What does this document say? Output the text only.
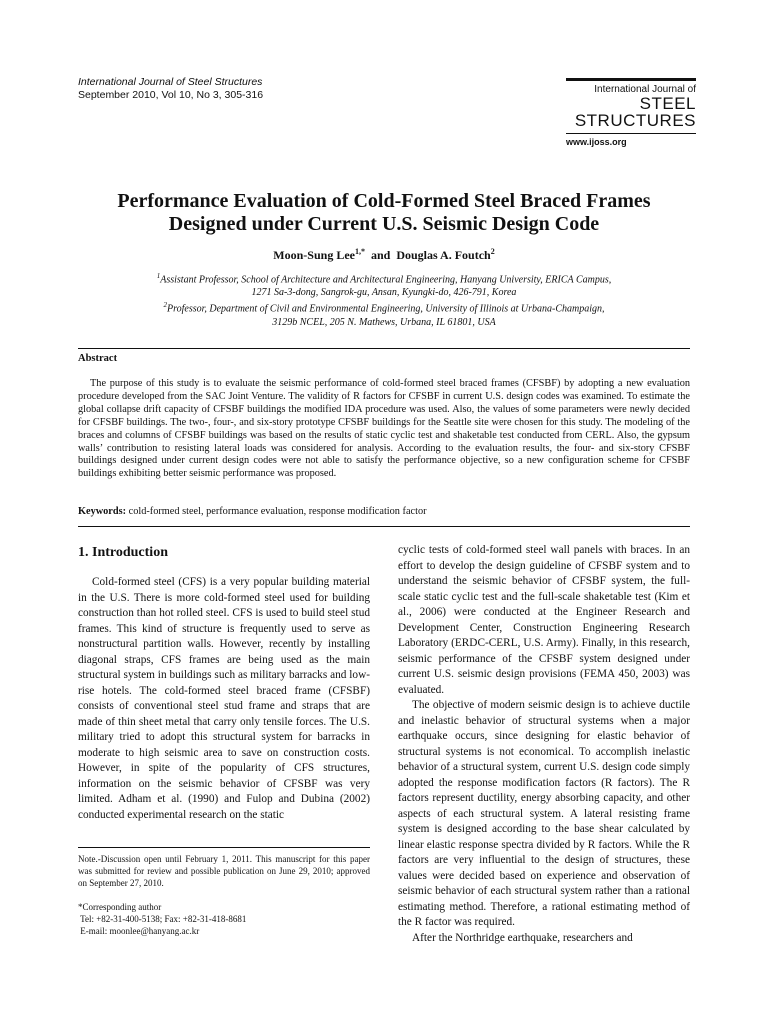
International Journal of Steel Structures
September 2010, Vol 10, No 3, 305-316	International Journal of
STEEL
STRUCTURES
www.ijoss.org
Performance Evaluation of Cold-Formed Steel Braced Frames
Designed under Current U.S. Seismic Design Code
Moon-Sung Lee$^{1,*}$ and Douglas A. Foutch$^2$
$^1$Assistant Professor, School of Architecture and Architectural Engineering, Hanyang University, ERICA Campus,
1271 Sa-3-dong, Sangrok-gu, Ansan, Kyungki-do, 426-791, Korea
$^2$Professor, Department of Civil and Environmental Engineering, University of Illinois at Urbana-Champaign,
3129b NCEL, 205 N. Mathews, Urbana, IL 61801, USA
Abstract
The purpose of this study is to evaluate the seismic performance of cold-formed steel braced frames (CFSBF) by adopting a new evaluation procedure developed from the SAC Joint Venture. The validity of R factors for CFSBF in current U.S. design codes was examined. To estimate the global collapse drift capacity of CFSBF buildings the modified IDA procedure was used. Also, the values of some parameters were newly decided for CFSBF buildings. The two-, four-, and six-story prototype CFSBF buildings for the Seattle site were chosen for this study. The modeling of the braces and columns of CFSBF buildings was based on the results of static cyclic test and shaketable test conducted from CERL. Also, the gypsum walls’ contribution to resisting lateral loads was considered for analysis. According to the evaluation results, the four- and six-story CFSBF buildings designed under current design codes were not able to satisfy the performance objective, so a new configuration scheme for CFSBF buildings exhibiting better seismic performance was proposed.
Keywords: cold-formed steel, performance evaluation, response modification factor
1. Introduction

Cold-formed steel (CFS) is a very popular building material in the U.S. There is more cold-formed steel used for building construction than hot rolled steel. CFS is used to build steel stud frames. This kind of structure is frequently used to serve as nonstructural partition walls. However, recently by installing diagonal straps, CFS frames are being used as the main structural system in buildings such as military barracks and low-rise hotels. The cold-formed steel braced frame (CFSBF) consists of conventional steel stud frame and straps that are made of thin sheet metal that carry only tensile forces. The U.S. military tried to adopt this structural system for barracks in moderate to high seismic area to save on construction costs. However, in spite of the popularity of CFS structures, information on the seismic behavior of CFSBF was very limited. Adham et al. (1990) and Fulop and Dubina (2002) conducted experimental research on the static

cyclic tests of cold-formed steel wall panels with braces. In an effort to develop the design guideline of CFSBF system and to understand the seismic behavior of CFSBF system, the full-scale static cyclic test and the full-scale shaketable test (Kim et al., 2006) were conducted at the Engineer Research and Development Center, Construction Engineering Research Laboratory (ERDC-CERL, U.S. Army). Finally, in this research, seismic performance of the CFSBF system designed under current U.S. seismic design provisions (FEMA 450, 2003) was evaluated.

The objective of modern seismic design is to achieve ductile and inelastic behavior of structural systems when a major earthquake occurs, since designing for elastic behavior of structural systems is not economical. To accomplish inelastic behavior of a structural system, current U.S. design code simply adopted the response modification factors (R factors). The R factors represent ductility, energy absorbing capacity, and other aspects of each structural system. A lateral resisting frame system is designed according to the base shear calculated by linear elastic response spectra divided by R factors. While the R factors are very influential to the design of structures, these values were decided based on experience and observation of seismic behavior of each structural system rather than a rational estimating method. Therefore, a rational estimating method of the R factor was required.

After the Northridge earthquake, researchers and

Note.-Discussion open until February 1, 2011. This manuscript for this paper was submitted for review and possible publication on June 29, 2010; approved on September 27, 2010.
*Corresponding author
Tel: +82-31-400-5138; Fax: +82-31-418-8681
E-mail: moonlee@hanyang.ac.kr
